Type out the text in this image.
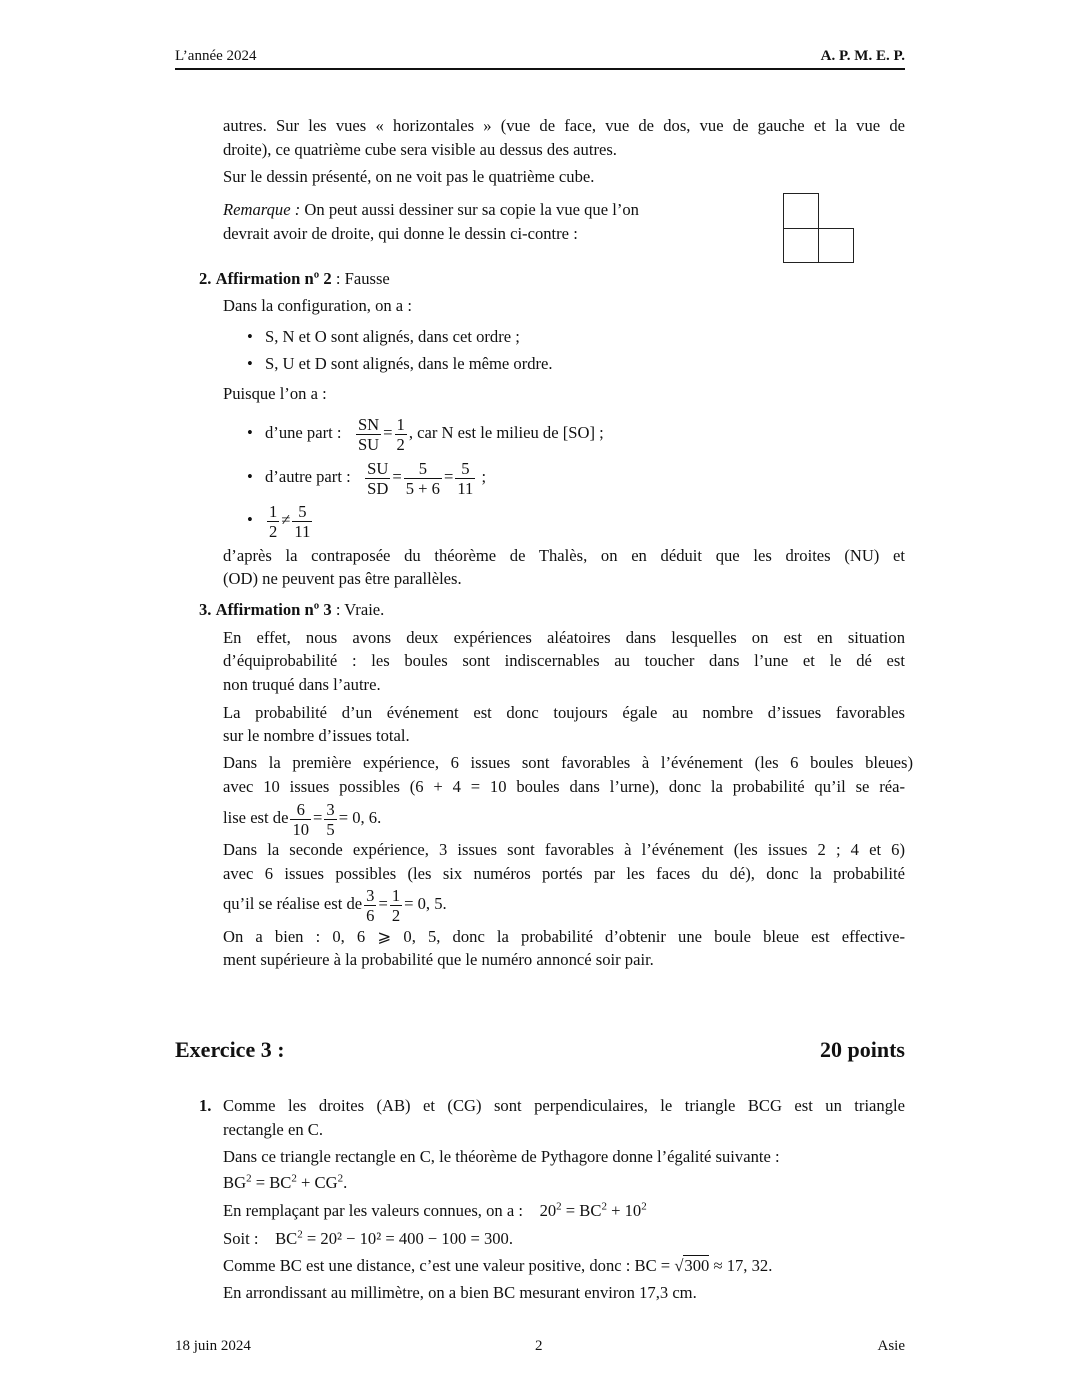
L’année 2024	A. P. M. E. P.
autres. Sur les vues « horizontales » (vue de face, vue de dos, vue de gauche et la vue de
droite), ce quatrième cube sera visible au dessus des autres.
Sur le dessin présenté, on ne voit pas le quatrième cube.
Remarque : On peut aussi dessiner sur sa copie la vue que l’on
devrait avoir de droite, qui donne le dessin ci-contre :
2. Affirmation nº 2 : Fausse
Dans la configuration, on a :
• S, N et O sont alignés, dans cet ordre ;
• S, U et D sont alignés, dans le même ordre.
Puisque l’on a :
• d’une part : $\frac{SN}{SU} = \frac{1}{2}$ , car N est le milieu de [SO] ;
• d’autre part : $\frac{SU}{SD} = \frac{5}{5 + 6} = \frac{5}{11}$ ;
• $\frac{1}{2} \ne \frac{5}{11}$
d’après la contraposée du théorème de Thalès, on en déduit que les droites (NU) et
(OD) ne peuvent pas être parallèles.
3. Affirmation nº 3 : Vraie.
En effet, nous avons deux expériences aléatoires dans lesquelles on est en situation
d’équiprobabilité : les boules sont indiscernables au toucher dans l’une et le dé est
non truqué dans l’autre.
La probabilité d’un événement est donc toujours égale au nombre d’issues favorables
sur le nombre d’issues total.
Dans la première expérience, 6 issues sont favorables à l’événement (les 6 boules bleues)
avec 10 issues possibles (6 + 4 = 10 boules dans l’urne), donc la probabilité qu’il se réa-
lise est de $\frac{6}{10} = \frac{3}{5} = 0$, 6.
Dans la seconde expérience, 3 issues sont favorables à l’événement (les issues 2 ; 4 et 6)
avec 6 issues possibles (les six numéros portés par les faces du dé), donc la probabilité
qu’il se réalise est de $\frac{3}{6} = \frac{1}{2} = 0$, 5.
On a bien : 0, 6 ⩾ 0, 5, donc la probabilité d’obtenir une boule bleue est effective-
ment supérieure à la probabilité que le numéro annoncé soir pair.
Exercice 3 :	20 points
1. Comme les droites (AB) et (CG) sont perpendiculaires, le triangle BCG est un triangle
rectangle en C.
Dans ce triangle rectangle en C, le théorème de Pythagore donne l’égalité suivante :
$BG^2 = BC^2 + CG^2$.
En remplaçant par les valeurs connues, on a :    $20^2 = BC^2 + 10^2$
Soit :    $BC^2 = 20^2 - 10^2 = 400 - 100 = 300$.
Comme BC est une distance, c’est une valeur positive, donc : BC = √300 ≈ 17, 32.
En arrondissant au millimètre, on a bien BC mesurant environ 17,3 cm.
18 juin 2024	2	Asie
